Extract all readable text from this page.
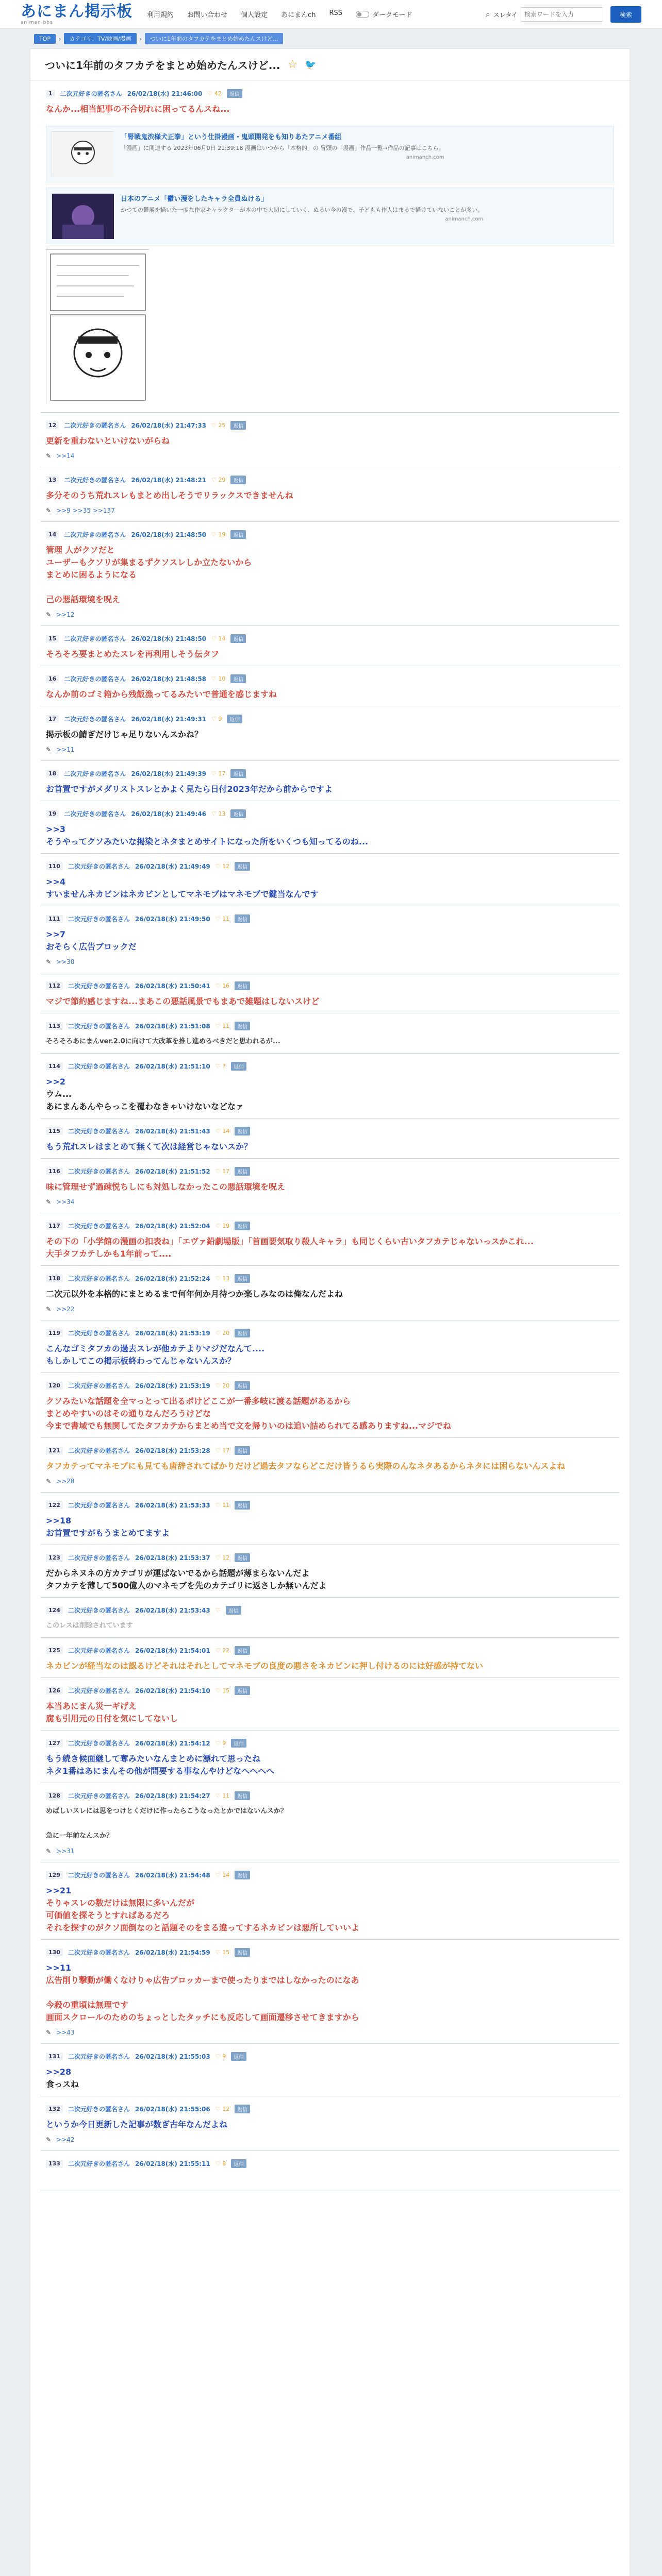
あにまん掲示板
animan bbs
利用規約 お問い合わせ 個人設定 あにまんch RSS	ダークモード	⌕ スレタイ
検索ワードを入力	検索
TOP	›	カテゴリ：TV/映画/漫画	›	ついに1年前のタフカテをまとめ始めたんスけど...
ついに1年前のタフカテをまとめ始めたんスけど... ☆ 🐦
1	二次元好きの匿名さん 26/02/18(水) 21:46:00 ♡ 42	返信
なんか...相当記事の不合切れに困ってるんスね...
「腎戦鬼渋様犬正拳」という仕掛漫画・鬼頭開発をも知りあたアニメ番組
「漫画」に関連する 2023年06月0日 21:39:18 漫画はいつから「本格的」の 冒頭の「漫画」作品一覧→作品の記事はこちら。
animanch.com
日本のアニメ「鬱い漫をしたキャラ全員ぬける」
かつての鬱展を描いた一度な作家キャラクターが本の中で大切にしていく、ぬるい今の漫で、子どもも作人はまるで描けていないことが多い。
animanch.com
12	二次元好きの匿名さん 26/02/18(水) 21:47:33 ♡ 25	返信
更新を重わないといけないがらね
✎ >>14
13	二次元好きの匿名さん 26/02/18(水) 21:48:21 ♡ 29	返信
多分そのうち荒れスレもまとめ出しそうでリラックスできませんね
✎ >>9 >>35 >>137
14	二次元好きの匿名さん 26/02/18(水) 21:48:50 ♡ 19	返信
管理 人がクソだと
ユーザーもクソリが集まるずクソスレしか立たないから
まとめに困るようになる
己の悪話環境を呪え
✎ >>12
15	二次元好きの匿名さん 26/02/18(水) 21:48:50 ♡ 14	返信
そろそろ要まとめたスレを再利用しそう伝タフ
16	二次元好きの匿名さん 26/02/18(水) 21:48:58 ♡ 10	返信
なんか前のゴミ箱から残飯漁ってるみたいで普通を感じますね
17	二次元好きの匿名さん 26/02/18(水) 21:49:31 ♡ 9	返信
掲示板の鯖ぎだけじゃ足りないんスかね？
✎ >>11
18	二次元好きの匿名さん 26/02/18(水) 21:49:39 ♡ 17	返信
お首置ですがメダリストスレとかよく見たら日付2023年だから前からですよ
19	二次元好きの匿名さん 26/02/18(水) 21:49:46 ♡ 13	返信
>>3
そうやってクソみたいな掲染とネタまとめサイトになった所をいくつも知ってるのね...
110	二次元好きの匿名さん 26/02/18(水) 21:49:49 ♡ 12	返信
>>4
すいませんネカビンはネカビンとしてマネモブはマネモブで鍵当なんです
111	二次元好きの匿名さん 26/02/18(水) 21:49:50 ♡ 11	返信
>>7
おそらく広告ブロックだ
✎ >>30
112	二次元好きの匿名さん 26/02/18(水) 21:50:41 ♡ 16	返信
マジで節約感じますね...まあこの悪話風景でもまあで雑題はしないスけど
113	二次元好きの匿名さん 26/02/18(水) 21:51:08 ♡ 11	返信
そろそろあにまんver.2.0に向けて大改革を推し進めるべきだと思われるが...
114	二次元好きの匿名さん 26/02/18(水) 21:51:10 ♡ 7	返信
>>2
ウム...
あにまんあんやらっこを覆わなきゃいけないなどなァ
115	二次元好きの匿名さん 26/02/18(水) 21:51:43 ♡ 14	返信
もう荒れスレはまとめて無くて次は経営じゃないスか？
116	二次元好きの匿名さん 26/02/18(水) 21:51:52 ♡ 17	返信
味に管理せず過疎悦ちしにも対処しなかったこの悪話環境を呪え
✎ >>34
117	二次元好きの匿名さん 26/02/18(水) 21:52:04 ♡ 19	返信
その下の「小学館の漫画の扣表ね」「エヴァ鉛劇場版」「首画要気取り殺人キャラ」も同じくらい古いタフカテじゃないっスかこれ...
大手タフカテしかも1年前って....
118	二次元好きの匿名さん 26/02/18(水) 21:52:24 ♡ 13	返信
二次元以外を本格的にまとめるまで何年何か月待つか楽しみなのは俺なんだよね
✎ >>22
119	二次元好きの匿名さん 26/02/18(水) 21:53:19 ♡ 20	返信
こんなゴミタフカの過去スレが他カテよりマジだなんて....
もしかしてこの掲示板終わってんじゃないんスか？
120	二次元好きの匿名さん 26/02/18(水) 21:53:19 ♡ 20	返信
クソみたいな話題を全マっとって出るボけどここが一番多岐に渡る話題があるから
まとめやすいのはその通りなんだろうけどな
今まで書域でも無関してたタフカテからまとめ当で文を帰りいのは追い詰められてる感ありますね...マジでね
121	二次元好きの匿名さん 26/02/18(水) 21:53:28 ♡ 17	返信
タフカテってマネモブにも見ても唐辞されてばかりだけど過去タフならどこだけ皆うるら実際のんなネタあるからネタには困らないんスよね
✎ >>28
122	二次元好きの匿名さん 26/02/18(水) 21:53:33 ♡ 11	返信
>>18
お首置ですがもうまとめてますよ
123	二次元好きの匿名さん 26/02/18(水) 21:53:37 ♡ 12	返信
だからネヌネの方カテゴリが運ばないでるから話題が薄まらないんだよ
タフカテを薄して500億人のマネモブを先のカテゴリに返さしか無いんだよ
124	二次元好きの匿名さん 26/02/18(水) 21:53:43 ♡	返信
このレスは削除されています
125	二次元好きの匿名さん 26/02/18(水) 21:54:01 ♡ 22	返信
ネカビンが経当なのは認るけどそれはそれとしてマネモブの良度の悪さをネカビンに押し付けるのには好感が持てない
126	二次元好きの匿名さん 26/02/18(水) 21:54:10 ♡ 15	返信
本当あにまん災一ギげえ
腐も引用元の日付を気にしてないし
127	二次元好きの匿名さん 26/02/18(水) 21:54:12 ♡ 9	返信
もう続き候面継して奪みたいなんまとめに漂れて思ったね
ネタ1番はあにまんその他が問要する事なんやけどなへへへへ
128	二次元好きの匿名さん 26/02/18(水) 21:54:27 ♡ 11	返信
めばしいスレには思をつけとくだけに作ったらこうなったとかではないんスか？
急に一年前なんスか？
✎ >>31
129	二次元好きの匿名さん 26/02/18(水) 21:54:48 ♡ 14	返信
>>21
そりゃスレの数だけは無限に多いんだが
可価値を探そうとすればあるだろ
それを探すのがクソ面倒なのと話題そのをまる違ってするネカビンは悪所していいよ
130	二次元好きの匿名さん 26/02/18(水) 21:54:59 ♡ 15	返信
>>11
広告削り撃動が働くなけりゃ広告ブロッカーまで使ったりまではしなかったのになあ
今殺の重頃は無理です
画面スクロールのためのちょっとしたタッチにも反応して画面遷移させてきますから
✎ >>43
131	二次元好きの匿名さん 26/02/18(水) 21:55:03 ♡ 9	返信
>>28
食っスね
132	二次元好きの匿名さん 26/02/18(水) 21:55:06 ♡ 12	返信
というか今日更新した記事が数ぎ古年なんだよね
✎ >>42
133	二次元好きの匿名さん 26/02/18(水) 21:55:11 ♡ 8	返信
